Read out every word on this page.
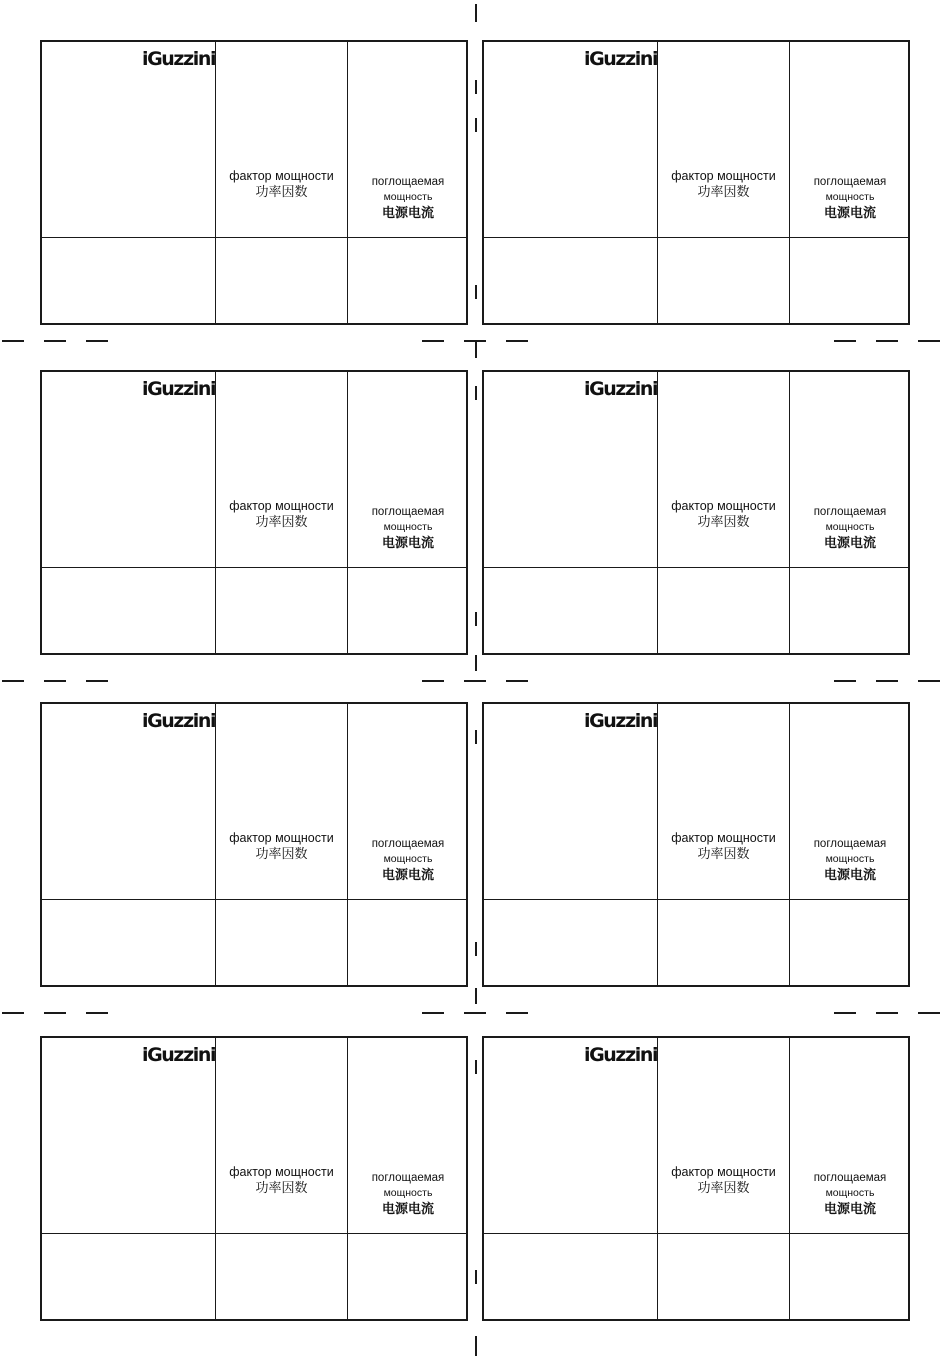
iGuzzini
фактор мощности
功率因数
поглощаемая
мощность
电源电流
iGuzzini
фактор мощности
功率因数
поглощаемая
мощность
电源电流
iGuzzini
фактор мощности
功率因数
поглощаемая
мощность
电源电流
iGuzzini
фактор мощности
功率因数
поглощаемая
мощность
电源电流
iGuzzini
фактор мощности
功率因数
поглощаемая
мощность
电源电流
iGuzzini
фактор мощности
功率因数
поглощаемая
мощность
电源电流
iGuzzini
фактор мощности
功率因数
поглощаемая
мощность
电源电流
iGuzzini
фактор мощности
功率因数
поглощаемая
мощность
电源电流
